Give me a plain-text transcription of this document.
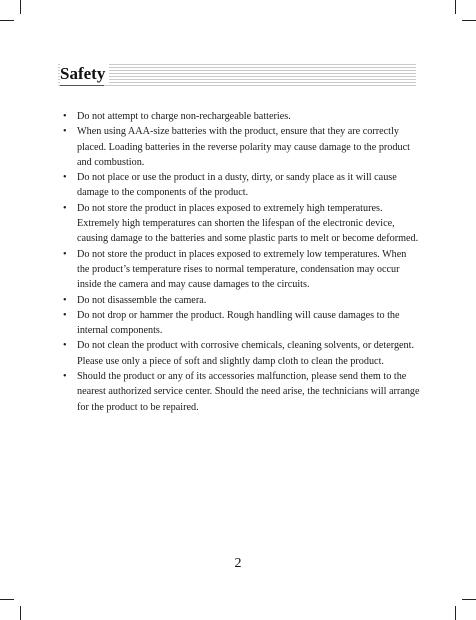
Safety
• Do not attempt to charge non-rechargeable batteries.
• When using AAA-size batteries with the product, ensure that they are correctly placed. Loading batteries in the reverse polarity may cause damage to the product and combustion.
• Do not place or use the product in a dusty, dirty, or sandy place as it will cause damage to the components of the product.
• Do not store the product in places exposed to extremely high temperatures. Extremely high temperatures can shorten the lifespan of the electronic device, causing damage to the batteries and some plastic parts to melt or become deformed.
• Do not store the product in places exposed to extremely low temperatures. When the product’s temperature rises to normal temperature, condensation may occur inside the camera and may cause damages to the circuits.
• Do not disassemble the camera.
• Do not drop or hammer the product. Rough handling will cause damages to the internal components.
• Do not clean the product with corrosive chemicals, cleaning solvents, or detergent. Please use only a piece of soft and slightly damp cloth to clean the product.
• Should the product or any of its accessories malfunction, please send them to the nearest authorized service center. Should the need arise, the technicians will arrange for the product to be repaired.
2
